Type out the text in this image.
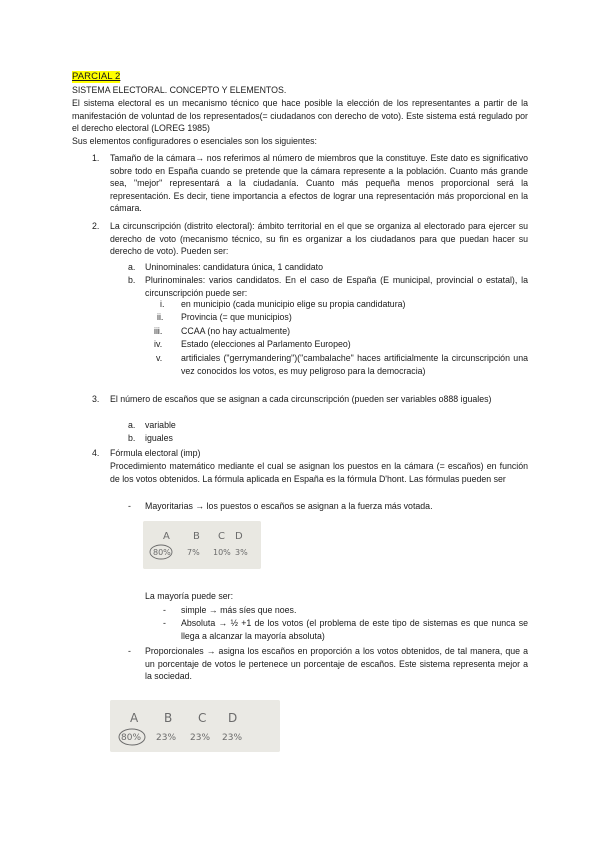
PARCIAL 2
SISTEMA ELECTORAL. CONCEPTO Y ELEMENTOS.
El sistema electoral es un mecanismo técnico que hace posible la elección de los representantes a partir de la manifestación de voluntad de los representados(= ciudadanos con derecho de voto). Este sistema está regulado por el derecho electoral (LOREG 1985)
Sus elementos configuradores o esenciales son los siguientes:
1. Tamaño de la cámara→ nos referimos al número de miembros que la constituye. Este dato es significativo sobre todo en España cuando se pretende que la cámara represente a la población. Cuanto más grande sea, "mejor" representará a la ciudadanía. Cuanto más pequeña menos proporcional será la representación. Es decir, tiene importancia a efectos de lograr una representación más proporcional en la cámara.
2. La circunscripción (distrito electoral): ámbito territorial en el que se organiza al electorado para ejercer su derecho de voto (mecanismo técnico, su fin es organizar a los ciudadanos para que puedan hacer su derecho de voto). Pueden ser:
a. Uninominales: candidatura única, 1 candidato
b. Plurinominales: varios candidatos. En el caso de España (E municipal, provincial o estatal), la circunscripción puede ser:
i. en municipio (cada municipio elige su propia candidatura)
ii. Provincia (= que municipios)
iii. CCAA (no hay actualmente)
iv. Estado (elecciones al Parlamento Europeo)
v. artificiales ("gerrymandering")("cambalache" haces artificialmente la circunscripción una vez conocidos los votos, es muy peligroso para la democracia)
3. El número de escaños que se asignan a cada circunscripción (pueden ser variables o888 iguales)
a. variable
b. iguales
4. Fórmula electoral (imp)
Procedimiento matemático mediante el cual se asignan los puestos en la cámara (= escaños) en función de los votos obtenidos. La fórmula aplicada en España es la fórmula D'hont. Las fórmulas pueden ser
- Mayoritarias → los puestos o escaños se asignan a la fuerza más votada.
A B C D
80% 7% 10% 3%
La mayoría puede ser:
- simple → más síes que noes.
- Absoluta → ½ +1 de los votos (el problema de este tipo de sistemas es que nunca se llega a alcanzar la mayoría absoluta)
- Proporcionales → asigna los escaños en proporción a los votos obtenidos, de tal manera, que a un porcentaje de votos le pertenece un porcentaje de escaños. Este sistema representa mejor a la sociedad.
A B C D
80% 23% 23% 23%
